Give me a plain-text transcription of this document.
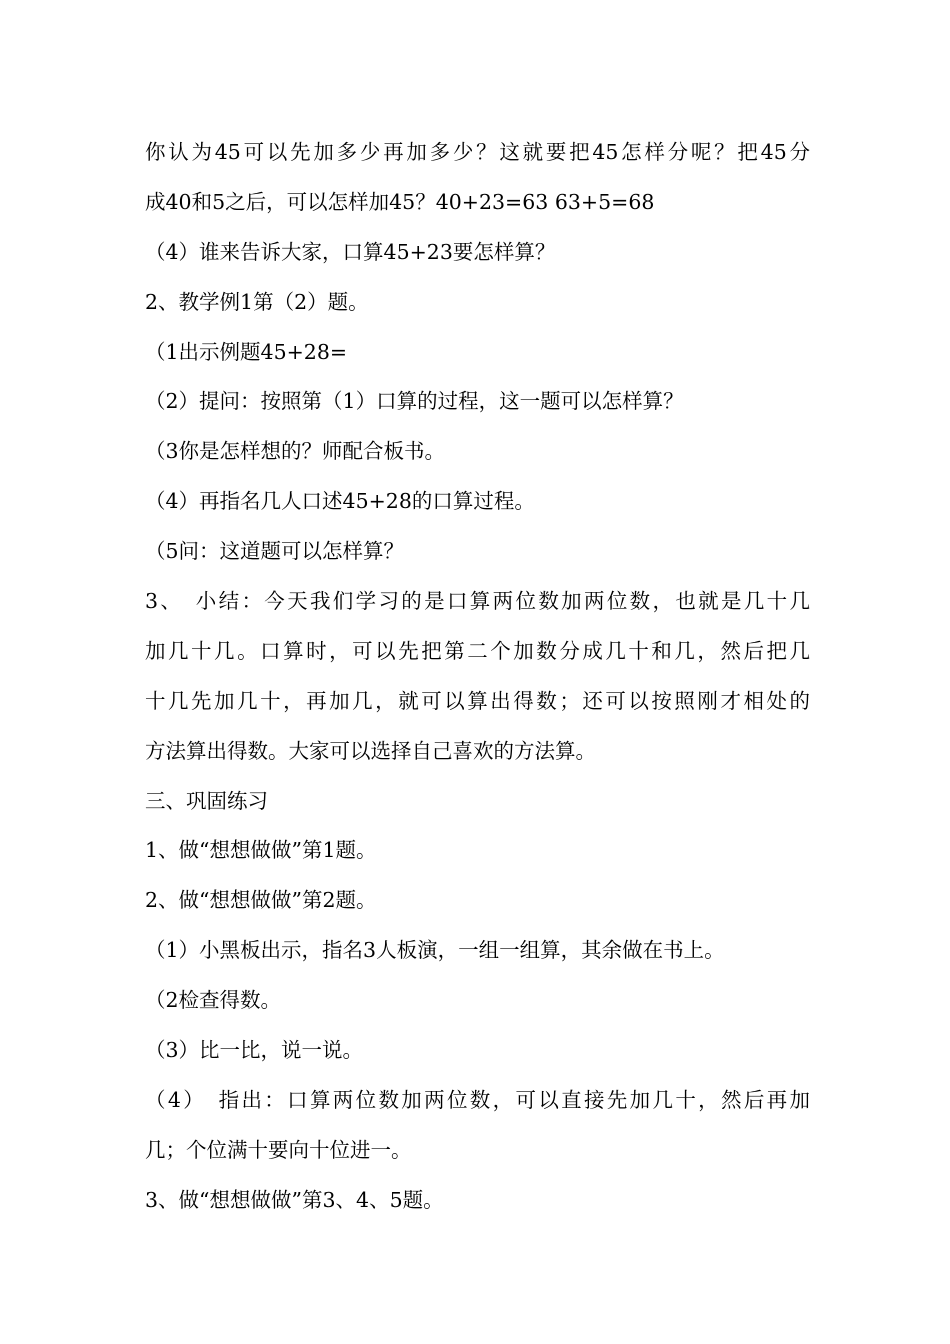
你认为45可以先加多少再加多少？这就要把45怎样分呢？把45分
成40和5之后，可以怎样加45？40+23=63 63+5=68
（4）谁来告诉大家，口算45+23要怎样算？
2、教学例1第（2）题。
（1出示例题45+28=
（2）提问：按照第（1）口算的过程，这一题可以怎样算？
（3你是怎样想的？师配合板书。
（4）再指名几人口述45+28的口算过程。
（5问：这道题可以怎样算？
3、　小结：今天我们学习的是口算两位数加两位数，也就是几十几
加几十几。口算时，可以先把第二个加数分成几十和几，然后把几
十几先加几十，再加几，就可以算出得数；还可以按照刚才相处的
方法算出得数。大家可以选择自己喜欢的方法算。
三、巩固练习
1、做“想想做做”第1题。
2、做“想想做做”第2题。
（1）小黑板出示，指名3人板演，一组一组算，其余做在书上。
（2检查得数。
（3）比一比，说一说。
（4）　指出：口算两位数加两位数，可以直接先加几十，然后再加
几；个位满十要向十位进一。
3、做“想想做做”第3、4、5题。
